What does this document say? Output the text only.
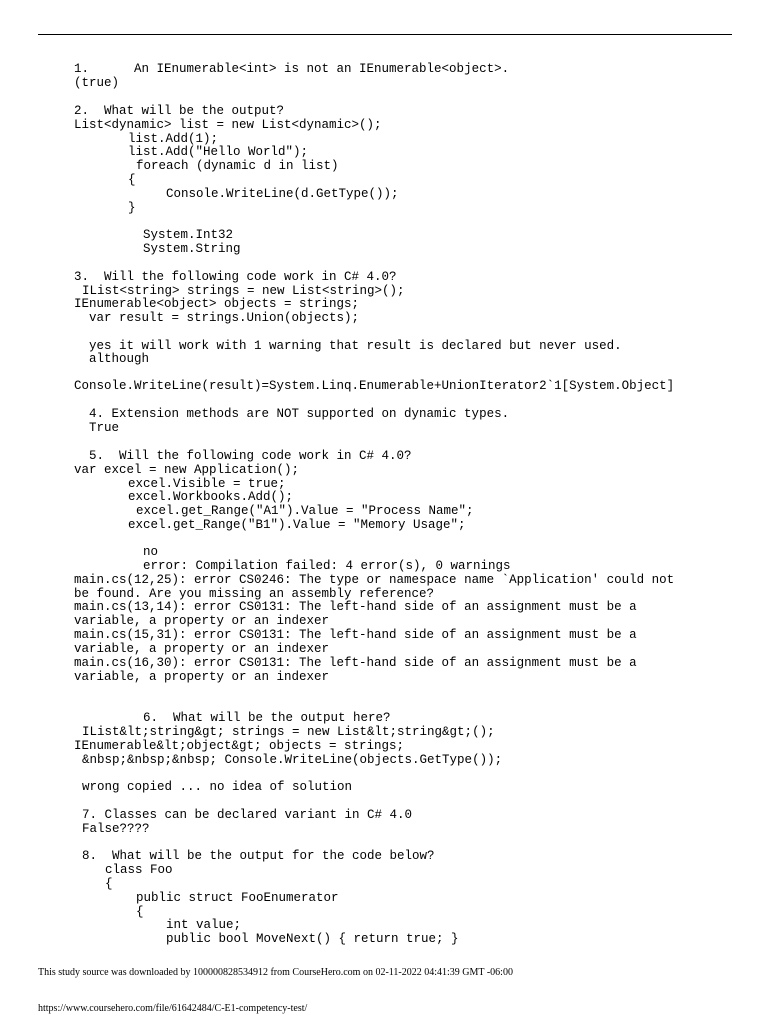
1.      An IEnumerable<int> is not an IEnumerable<object>.
(true)
2.  What will be the output?
List<dynamic> list = new List<dynamic>();
list.Add(1);
list.Add("Hello World");
foreach (dynamic d in list)
{
Console.WriteLine(d.GetType());
}
System.Int32
System.String
3.  Will the following code work in C# 4.0?
IList<string> strings = new List<string>();
IEnumerable<object> objects = strings;
var result = strings.Union(objects);
yes it will work with 1 warning that result is declared but never used.
although
Console.WriteLine(result)=System.Linq.Enumerable+UnionIterator2`1[System.Object]
4. Extension methods are NOT supported on dynamic types.
True
5.  Will the following code work in C# 4.0?
var excel = new Application();
excel.Visible = true;
excel.Workbooks.Add();
excel.get_Range("A1").Value = "Process Name";
excel.get_Range("B1").Value = "Memory Usage";
no
error: Compilation failed: 4 error(s), 0 warnings
main.cs(12,25): error CS0246: The type or namespace name `Application' could not
be found. Are you missing an assembly reference?
main.cs(13,14): error CS0131: The left-hand side of an assignment must be a
variable, a property or an indexer
main.cs(15,31): error CS0131: The left-hand side of an assignment must be a
variable, a property or an indexer
main.cs(16,30): error CS0131: The left-hand side of an assignment must be a
variable, a property or an indexer
6.  What will be the output here?
IList&lt;string&gt; strings = new List&lt;string&gt;();
IEnumerable&lt;object&gt; objects = strings;
&nbsp;&nbsp;&nbsp; Console.WriteLine(objects.GetType());
wrong copied ... no idea of solution
7. Classes can be declared variant in C# 4.0
False????
8.  What will be the output for the code below?
class Foo
{
public struct FooEnumerator
{
int value;
public bool MoveNext() { return true; }
This study source was downloaded by 100000828534912 from CourseHero.com on 02-11-2022 04:41:39 GMT -06:00
https://www.coursehero.com/file/61642484/C-E1-competency-test/
